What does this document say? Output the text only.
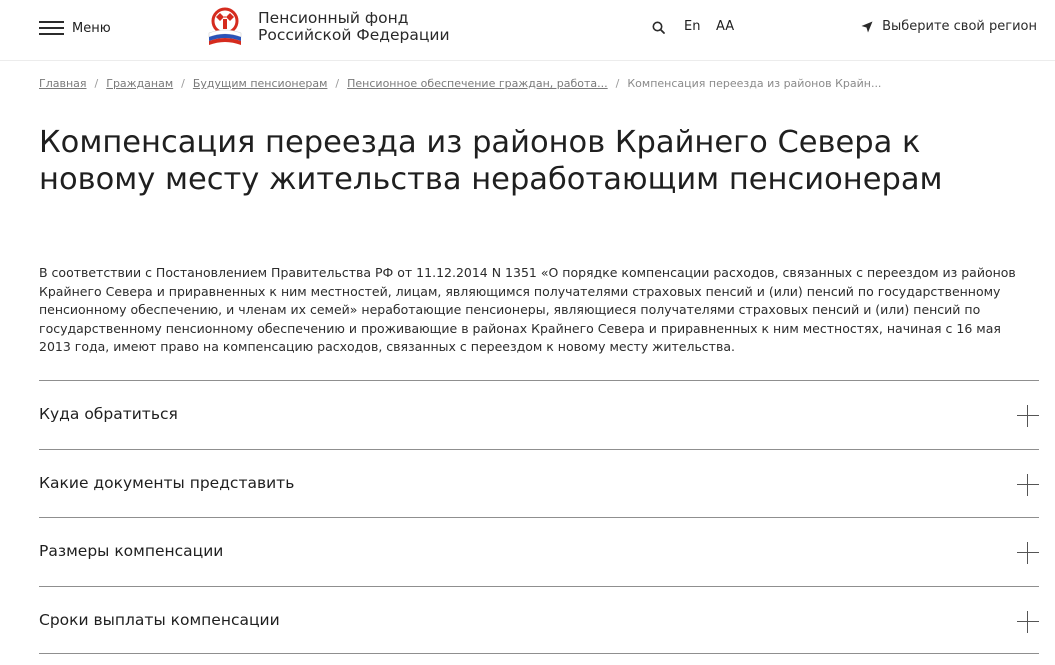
Меню
Пенсионный фонд
Российской Федерации	En AA	Выберите свой регион
Главная / Гражданам / Будущим пенсионерам / Пенсионное обеспечение граждан, работа... / Компенсация переезда из районов Крайн...
Компенсация переезда из районов Крайнего Севера к новому месту жительства неработающим пенсионерам

В соответствии с Постановлением Правительства РФ от 11.12.2014 N 1351 «О порядке компенсации расходов, связанных с переездом из районов Крайнего Севера и приравненных к ним местностей, лицам, являющимся получателями страховых пенсий и (или) пенсий по государственному пенсионному обеспечению, и членам их семей» неработающие пенсионеры, являющиеся получателями страховых пенсий и (или) пенсий по государственному пенсионному обеспечению и проживающие в районах Крайнего Севера и приравненных к ним местностях, начиная с 16 мая 2013 года, имеют право на компенсацию расходов, связанных с переездом к новому месту жительства.

Куда обратиться
Какие документы представить
Размеры компенсации
Сроки выплаты компенсации
